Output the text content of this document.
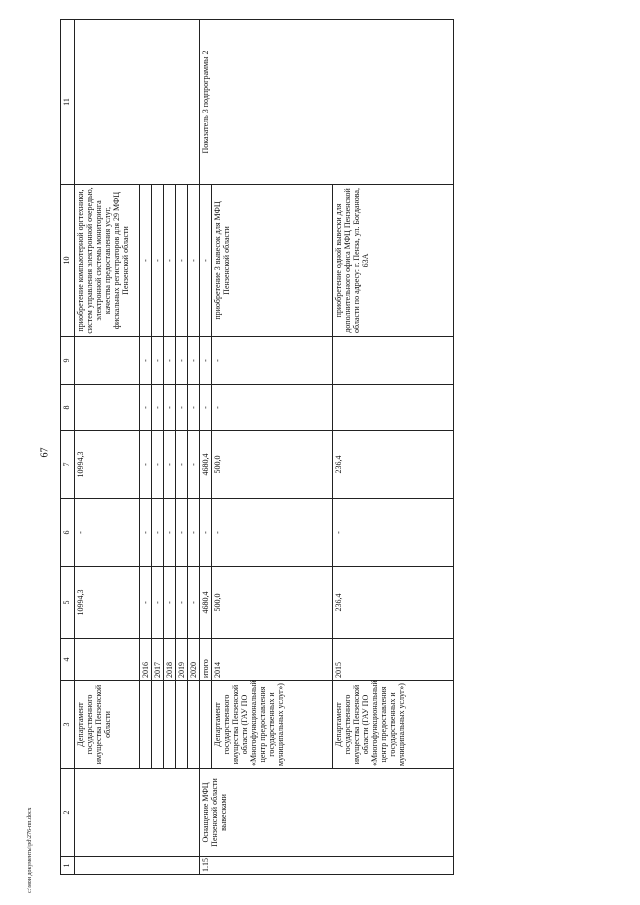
67
c:\мои документы\pd\276-пп.docx	1	2	3	4	5	6	7	8	9	10	11
		Департамент государственного имущества Пензенской области		10994,3	-	10994,3			приобретение компьютерной оргтехники, систем управления электронной очередью, электронной системы мониторинга качества предоставления услуг, фискальных регистраторов для 29 МФЦ Пензенской области	
			2016	-	-	-	-	-	-	
			2017	-	-	-	-	-	-	
			2018	-	-	-	-	-	-	
			2019	-	-	-	-	-	-	
			2020	-	-	-	-	-	-	
1.15	Оснащение МФЦ Пензенской области вывесками		итого	4680,4	-	4680,4	-	-	-	Показатель 3 подпрограммы 2
		Департамент государственного имущества Пензенской области (ГАУ ПО «Многофункциональный центр предоставления государственных и муниципальных услуг»)	2014	500,0	-	500,0	-	-	приобретение 3 вывесок для МФЦ Пензенской области	
		Департамент государственного имущества Пензенской области (ГАУ ПО «Многофункциональный центр предоставления государственных и муниципальных услуг»)	2015	236,4	-	236,4			приобретение одной вывески для дополнительного офиса МФЦ Пензенской области по адресу: г. Пенза, ул. Богданова, 63А	
